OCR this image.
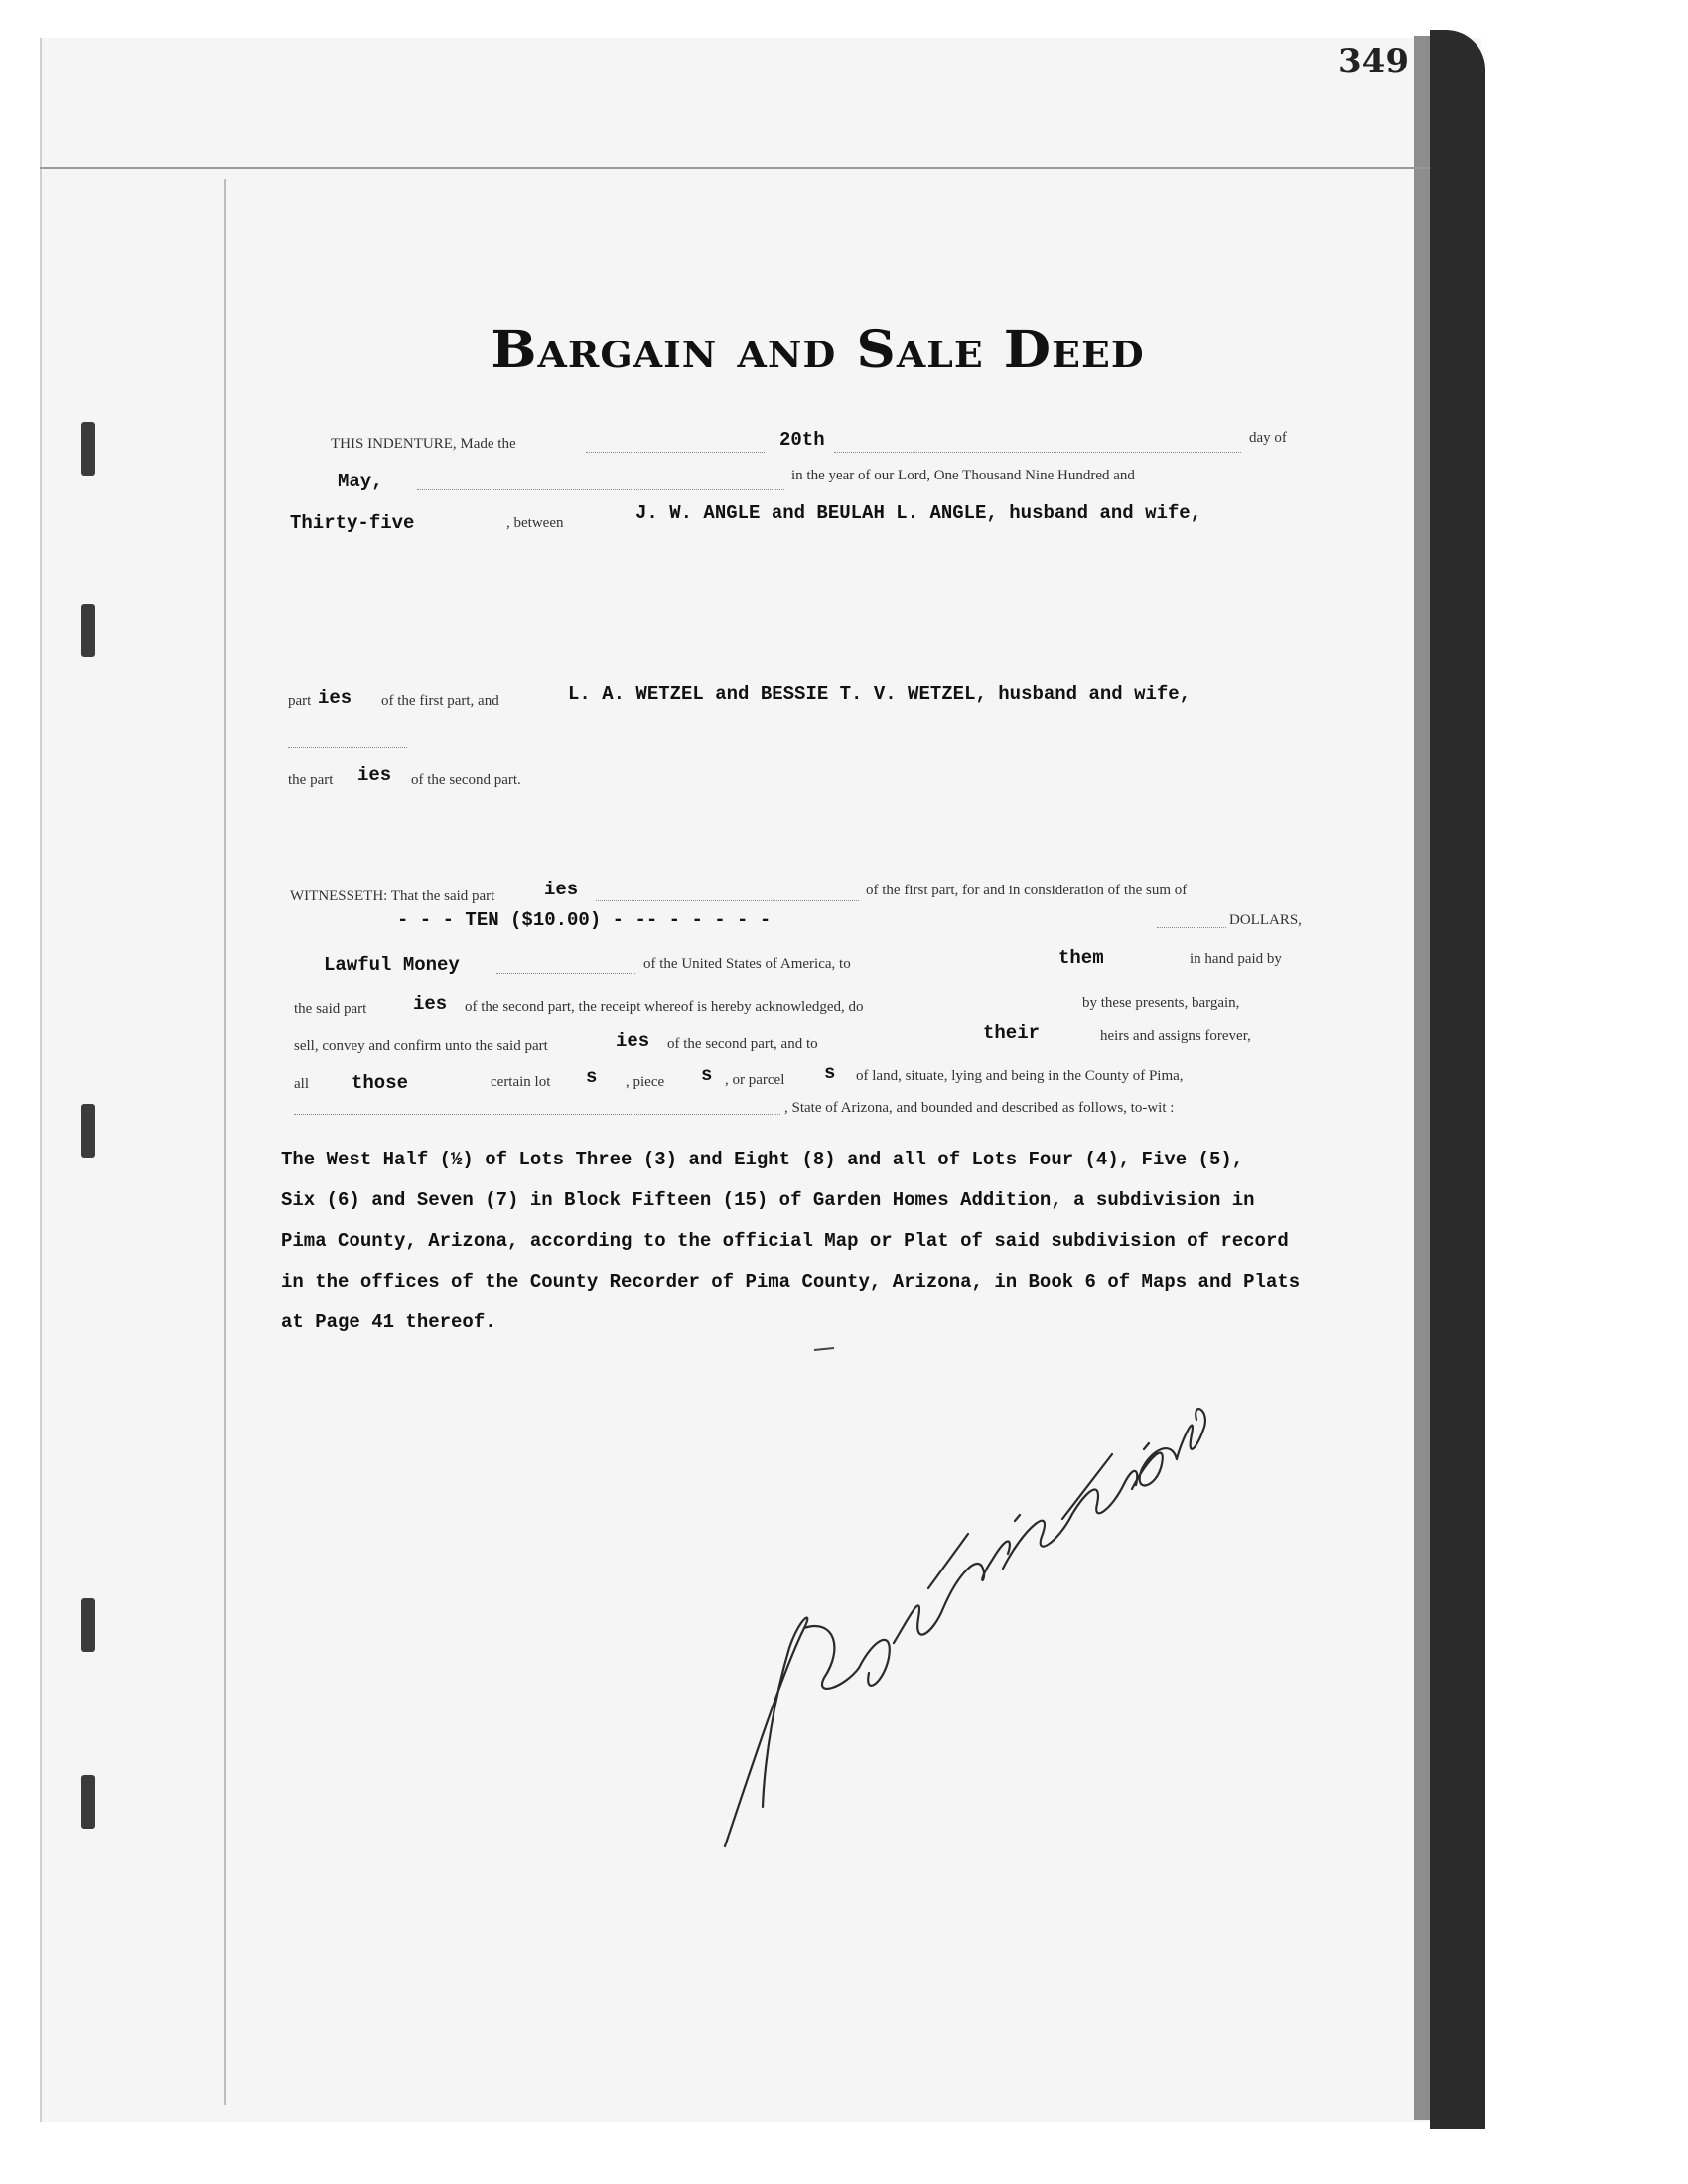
349
Bargain and Sale Deed
THIS INDENTURE, Made the	20th	day of
May,	in the year of our Lord, One Thousand Nine Hundred and
Thirty-five	, between	J. W. ANGLE and BEULAH L. ANGLE, husband and wife,
part ies of the first part, and	L. A. WETZEL and BESSIE T. V. WETZEL, husband and wife,
the part ies of the second part.
WITNESSETH: That the said part	ies	of the first part, for and in consideration of the sum of
- - - TEN ($10.00) - -- - - - - -	DOLLARS,
Lawful Money	of the United States of America, to	them	in hand paid by
the said part ies of the second part, the receipt whereof is hereby acknowledged, do	by these presents, bargain,
sell, convey and confirm unto the said part	ies of the second part, and to	their	heirs and assigns forever,
all those	certain lot s , piece s , or parcel s of land, situate, lying and being in the County of Pima,
, State of Arizona, and bounded and described as follows, to-wit :
The West Half (½) of Lots Three (3) and Eight (8) and all of Lots Four (4), Five (5),
Six (6) and Seven (7) in Block Fifteen (15) of Garden Homes Addition, a subdivision in
Pima County, Arizona, according to the official Map or Plat of said subdivision of record
in the offices of the County Recorder of Pima County, Arizona, in Book 6 of Maps and Plats
at Page 41 thereof.
